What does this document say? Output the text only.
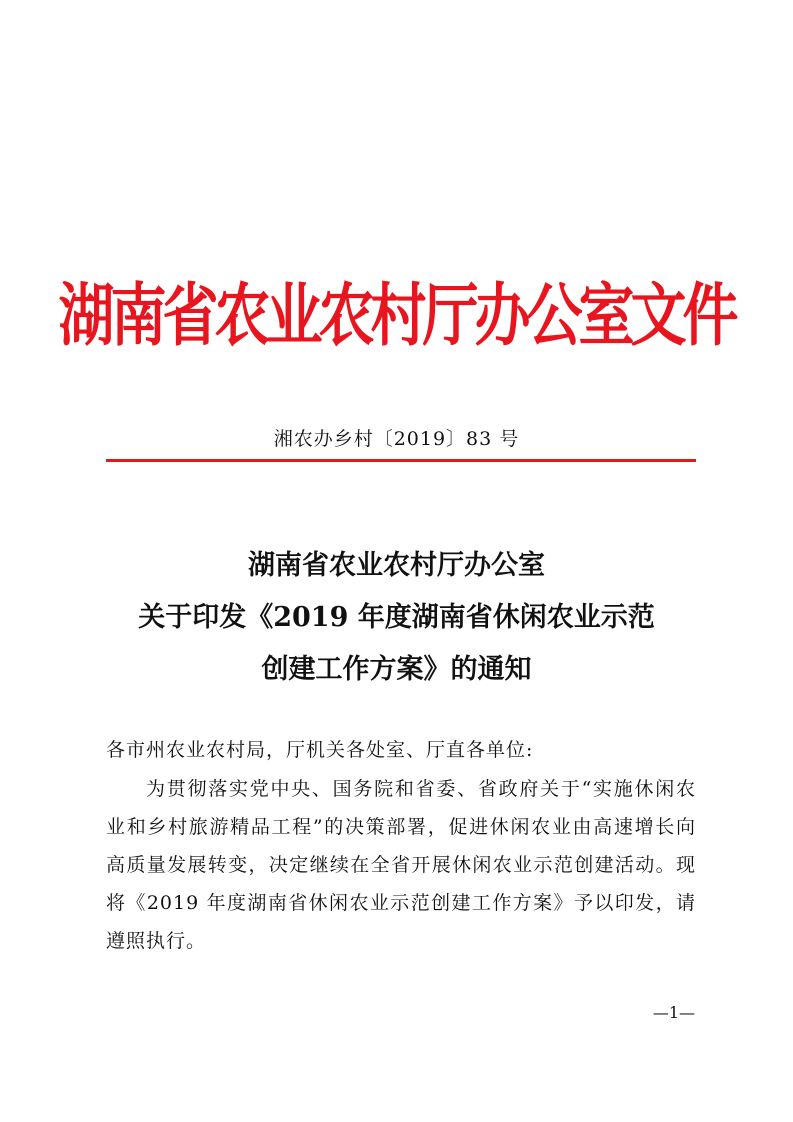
湖南省农业农村厅办公室文件
湘农办乡村〔2019〕83 号
湖南省农业农村厅办公室
关于印发《2019 年度湖南省休闲农业示范
创建工作方案》的通知
各市州农业农村局，厅机关各处室、厅直各单位:
为贯彻落实党中央、国务院和省委、省政府关于“实施休闲农业和乡村旅游精品工程”的决策部署，促进休闲农业由高速增长向高质量发展转变，决定继续在全省开展休闲农业示范创建活动。现将《2019 年度湖南省休闲农业示范创建工作方案》予以印发，请遵照执行。
—1—
